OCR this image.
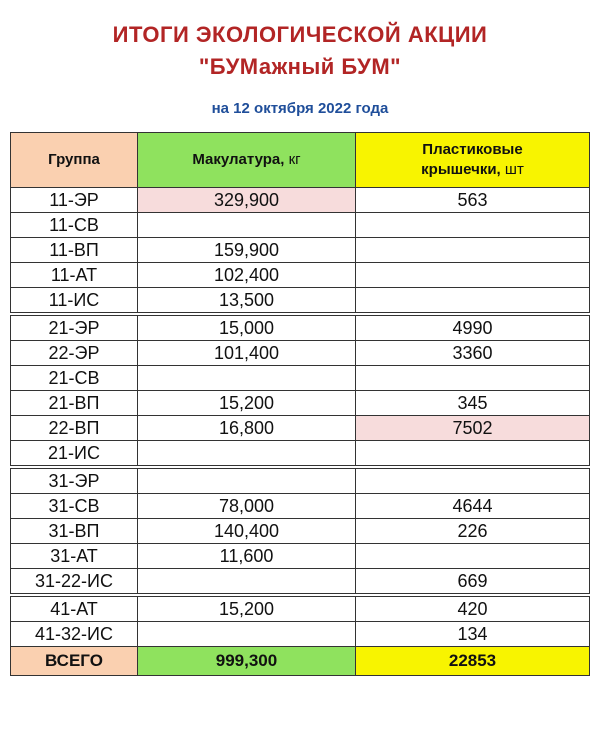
ИТОГИ ЭКОЛОГИЧЕСКОЙ АКЦИИ
"БУМажный БУМ"
на 12 октября 2022 года
Группа	Макулатура, кг	Пластиковые
крышечки, шт
11-ЭР	329,900	563
11-СВ		
11-ВП	159,900	
11-АТ	102,400	
11-ИС	13,500	
21-ЭР	15,000	4990
22-ЭР	101,400	3360
21-СВ		
21-ВП	15,200	345
22-ВП	16,800	7502
21-ИС		
31-ЭР		
31-СВ	78,000	4644
31-ВП	140,400	226
31-АТ	11,600	
31-22-ИС		669
41-АТ	15,200	420
41-32-ИС		134
ВСЕГО	999,300	22853
